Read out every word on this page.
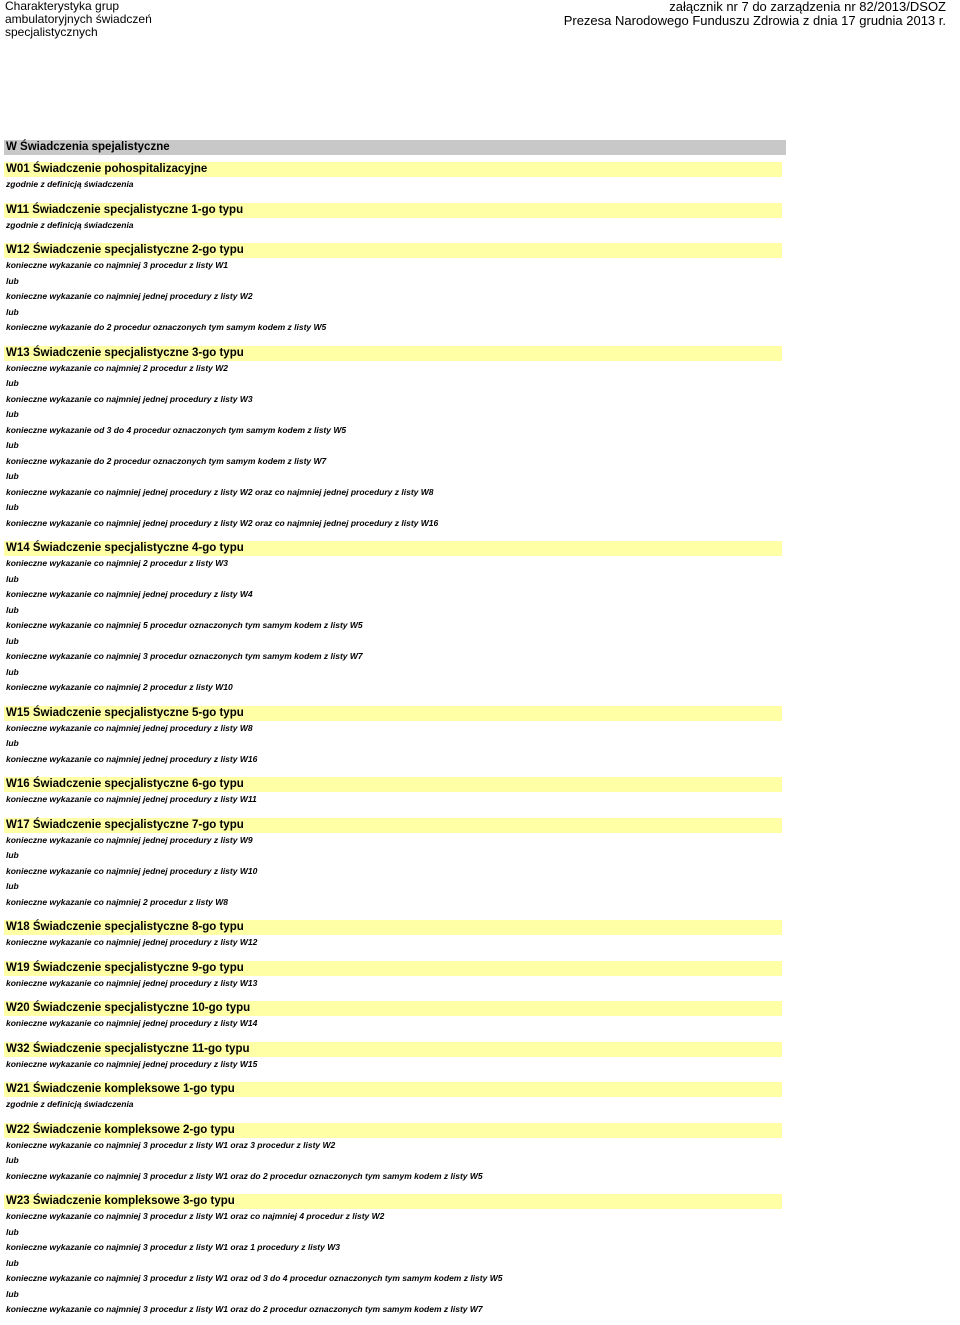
Charakterystyka grup
ambulatoryjnych świadczeń
specjalistycznych
załącznik nr 7 do zarządzenia nr 82/2013/DSOZ
Prezesa Narodowego Funduszu Zdrowia z dnia 17 grudnia 2013 r.
W Świadczenia spejalistyczne
W01 Świadczenie pohospitalizacyjne
zgodnie z definicją świadczenia
W11 Świadczenie specjalistyczne 1-go typu
zgodnie z definicją świadczenia
W12 Świadczenie specjalistyczne 2-go typu
konieczne wykazanie co najmniej 3 procedur z listy W1
lub
konieczne wykazanie co najmniej jednej procedury z listy W2
lub
konieczne wykazanie do 2 procedur oznaczonych tym samym kodem z listy W5
W13 Świadczenie specjalistyczne 3-go typu
konieczne wykazanie co najmniej 2 procedur z listy W2
lub
konieczne wykazanie co najmniej jednej procedury z listy W3
lub
konieczne wykazanie od 3 do 4 procedur oznaczonych tym samym kodem z listy W5
lub
konieczne wykazanie do 2 procedur oznaczonych tym samym kodem z listy W7
lub
konieczne wykazanie co najmniej jednej procedury z listy W2 oraz co najmniej jednej procedury z listy W8
lub
konieczne wykazanie co najmniej jednej procedury z listy W2 oraz co najmniej jednej procedury z listy W16
W14 Świadczenie specjalistyczne 4-go typu
konieczne wykazanie co najmniej 2 procedur z listy W3
lub
konieczne wykazanie co najmniej jednej procedury z listy W4
lub
konieczne wykazanie co najmniej 5 procedur oznaczonych tym samym kodem z listy W5
lub
konieczne wykazanie co najmniej 3 procedur oznaczonych tym samym kodem z listy W7
lub
konieczne wykazanie co najmniej 2 procedur z listy W10
W15 Świadczenie specjalistyczne 5-go typu
konieczne wykazanie co najmniej jednej procedury z listy W8
lub
konieczne wykazanie co najmniej jednej procedury z listy W16
W16 Świadczenie specjalistyczne 6-go typu
konieczne wykazanie co najmniej jednej procedury z listy W11
W17 Świadczenie specjalistyczne 7-go typu
konieczne wykazanie co najmniej jednej procedury z listy W9
lub
konieczne wykazanie co najmniej jednej procedury z listy W10
lub
konieczne wykazanie co najmniej 2 procedur z listy W8
W18 Świadczenie specjalistyczne 8-go typu
konieczne wykazanie co najmniej jednej procedury z listy W12
W19 Świadczenie specjalistyczne 9-go typu
konieczne wykazanie co najmniej jednej procedury z listy W13
W20 Świadczenie specjalistyczne 10-go typu
konieczne wykazanie co najmniej jednej procedury z listy W14
W32 Świadczenie specjalistyczne 11-go typu
konieczne wykazanie co najmniej jednej procedury z listy W15
W21 Świadczenie kompleksowe 1-go typu
zgodnie z definicją świadczenia
W22 Świadczenie kompleksowe 2-go typu
konieczne wykazanie co najmniej 3 procedur z listy W1 oraz 3 procedur z listy W2
lub
konieczne wykazanie co najmniej 3 procedur z listy W1 oraz do 2 procedur oznaczonych tym samym kodem z listy W5
W23 Świadczenie kompleksowe 3-go typu
konieczne wykazanie co najmniej 3 procedur z listy W1 oraz co najmniej 4 procedur z listy W2
lub
konieczne wykazanie co najmniej 3 procedur z listy W1 oraz 1 procedury z listy W3
lub
konieczne wykazanie co najmniej 3 procedur z listy W1 oraz od 3 do 4 procedur oznaczonych tym samym kodem z listy W5
lub
konieczne wykazanie co najmniej 3 procedur z listy W1 oraz do 2 procedur oznaczonych tym samym kodem z listy W7
